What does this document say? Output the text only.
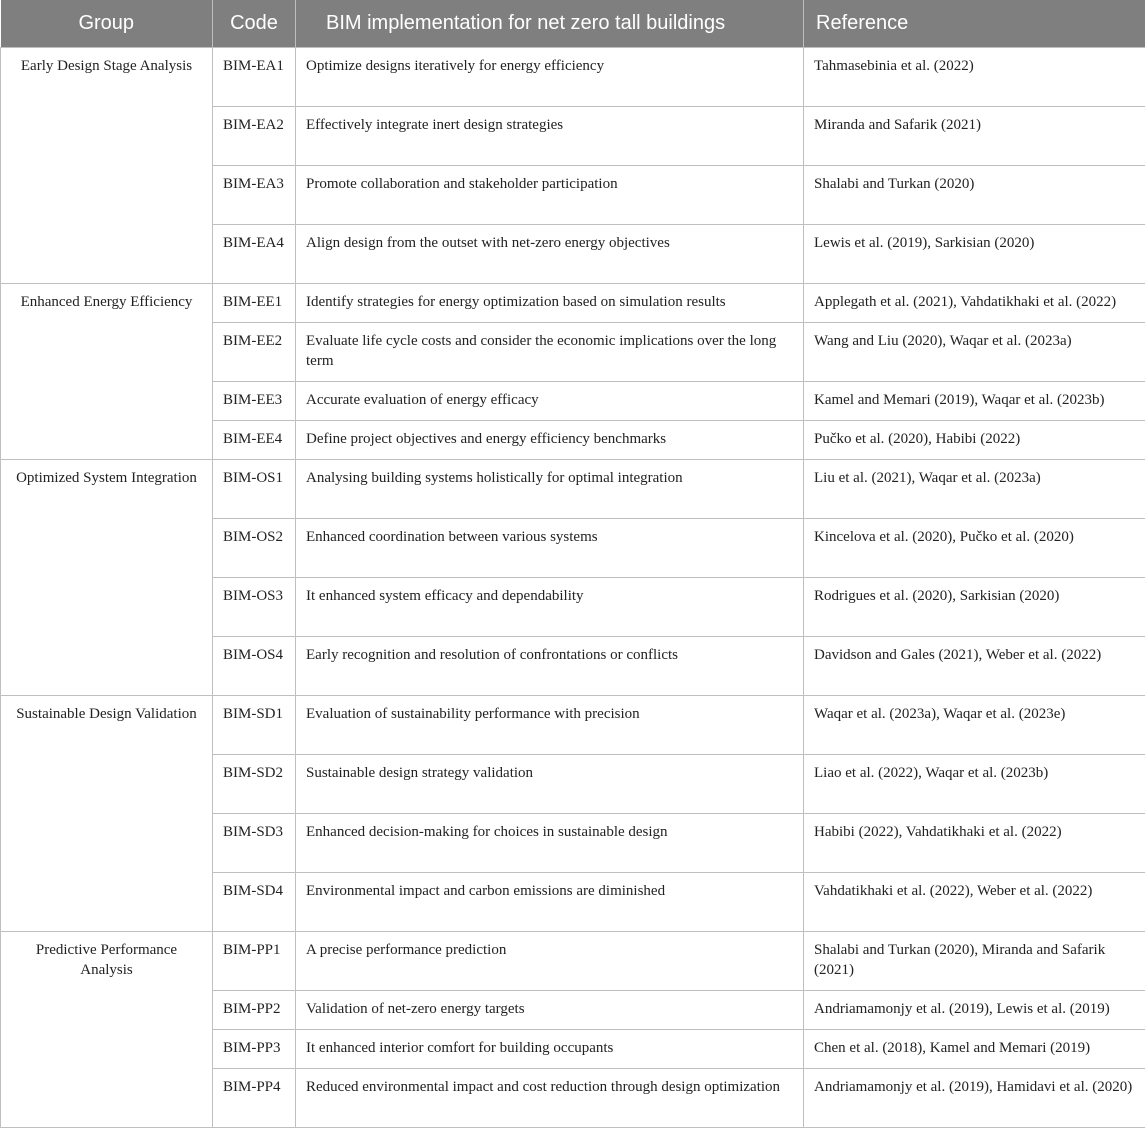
Group	Code	BIM implementation for net zero tall buildings	Reference
Early Design Stage Analysis	BIM-EA1	Optimize designs iteratively for energy efficiency	Tahmasebinia et al. (2022)
	BIM-EA2	Effectively integrate inert design strategies	Miranda and Safarik (2021)
	BIM-EA3	Promote collaboration and stakeholder participation	Shalabi and Turkan (2020)
	BIM-EA4	Align design from the outset with net-zero energy objectives	Lewis et al. (2019), Sarkisian (2020)
Enhanced Energy Efficiency	BIM-EE1	Identify strategies for energy optimization based on simulation results	Applegath et al. (2021), Vahdatikhaki et al. (2022)
	BIM-EE2	Evaluate life cycle costs and consider the economic implications over the long term	Wang and Liu (2020), Waqar et al. (2023a)
	BIM-EE3	Accurate evaluation of energy efficacy	Kamel and Memari (2019), Waqar et al. (2023b)
	BIM-EE4	Define project objectives and energy efficiency benchmarks	Pučko et al. (2020), Habibi (2022)
Optimized System Integration	BIM-OS1	Analysing building systems holistically for optimal integration	Liu et al. (2021), Waqar et al. (2023a)
	BIM-OS2	Enhanced coordination between various systems	Kincelova et al. (2020), Pučko et al. (2020)
	BIM-OS3	It enhanced system efficacy and dependability	Rodrigues et al. (2020), Sarkisian (2020)
	BIM-OS4	Early recognition and resolution of confrontations or conflicts	Davidson and Gales (2021), Weber et al. (2022)
Sustainable Design Validation	BIM-SD1	Evaluation of sustainability performance with precision	Waqar et al. (2023a), Waqar et al. (2023e)
	BIM-SD2	Sustainable design strategy validation	Liao et al. (2022), Waqar et al. (2023b)
	BIM-SD3	Enhanced decision-making for choices in sustainable design	Habibi (2022), Vahdatikhaki et al. (2022)
	BIM-SD4	Environmental impact and carbon emissions are diminished	Vahdatikhaki et al. (2022), Weber et al. (2022)
Predictive Performance Analysis	BIM-PP1	A precise performance prediction	Shalabi and Turkan (2020), Miranda and Safarik (2021)
	BIM-PP2	Validation of net-zero energy targets	Andriamamonjy et al. (2019), Lewis et al. (2019)
	BIM-PP3	It enhanced interior comfort for building occupants	Chen et al. (2018), Kamel and Memari (2019)
	BIM-PP4	Reduced environmental impact and cost reduction through design optimization	Andriamamonjy et al. (2019), Hamidavi et al. (2020)
